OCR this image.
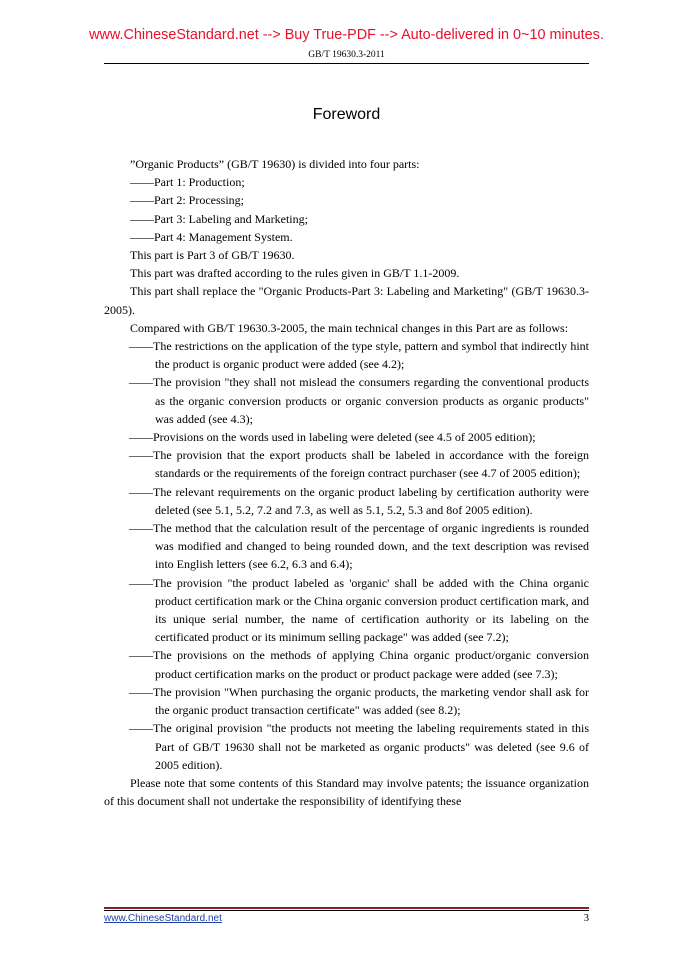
www.ChineseStandard.net --> Buy True-PDF --> Auto-delivered in 0~10 minutes.
GB/T 19630.3-2011
Foreword

”Organic Products” (GB/T 19630) is divided into four parts:

——Part 1: Production;

——Part 2: Processing;

——Part 3: Labeling and Marketing;

——Part 4: Management System.

This part is Part 3 of GB/T 19630.

This part was drafted according to the rules given in GB/T 1.1-2009.

This part shall replace the "Organic Products-Part 3: Labeling and Marketing" (GB/T 19630.3-2005).

Compared with GB/T 19630.3-2005, the main technical changes in this Part are as follows:

——The restrictions on the application of the type style, pattern and symbol that indirectly hint the product is organic product were added (see 4.2);

——The provision "they shall not mislead the consumers regarding the conventional products as the organic conversion products or organic conversion products as organic products" was added (see 4.3);

——Provisions on the words used in labeling were deleted (see 4.5 of 2005 edition);

——The provision that the export products shall be labeled in accordance with the foreign standards or the requirements of the foreign contract purchaser (see 4.7 of 2005 edition);

——The relevant requirements on the organic product labeling by certification authority were deleted (see 5.1, 5.2, 7.2 and 7.3, as well as 5.1, 5.2, 5.3 and 8of 2005 edition).

——The method that the calculation result of the percentage of organic ingredients is rounded was modified and changed to being rounded down, and the text description was revised into English letters (see 6.2, 6.3 and 6.4);

——The provision "the product labeled as 'organic' shall be added with the China organic product certification mark or the China organic conversion product certification mark, and its unique serial number, the name of certification authority or its labeling on the certificated product or its minimum selling package" was added (see 7.2);

——The provisions on the methods of applying China organic product/organic conversion product certification marks on the product or product package were added (see 7.3);

——The provision "When purchasing the organic products, the marketing vendor shall ask for the organic product transaction certificate" was added (see 8.2);

——The original provision "the products not meeting the labeling requirements stated in this Part of GB/T 19630 shall not be marketed as organic products" was deleted (see 9.6 of 2005 edition).

Please note that some contents of this Standard may involve patents; the issuance organization of this document shall not undertake the responsibility of identifying these

www.ChineseStandard.net	3
